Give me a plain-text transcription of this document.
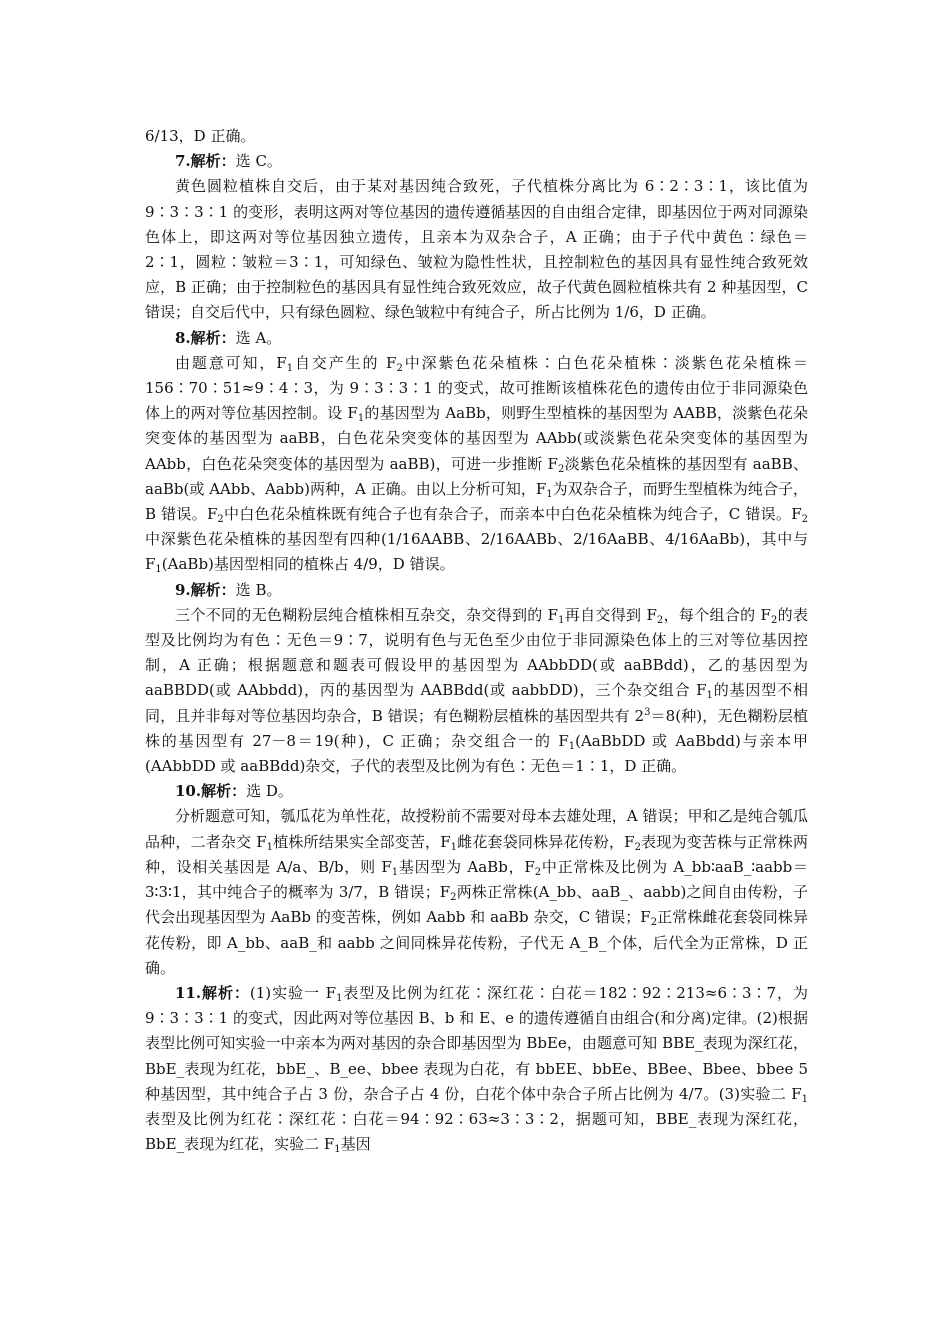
6/13，D 正确。

7.解析：选 C。

黄色圆粒植株自交后，由于某对基因纯合致死，子代植株分离比为 6∶2∶3∶1，该比值为 9∶3∶3∶1 的变形，表明这两对等位基因的遗传遵循基因的自由组合定律，即基因位于两对同源染色体上，即这两对等位基因独立遗传，且亲本为双杂合子，A 正确；由于子代中黄色∶绿色＝2∶1，圆粒∶皱粒＝3∶1，可知绿色、皱粒为隐性性状，且控制粒色的基因具有显性纯合致死效应，B 正确；由于控制粒色的基因具有显性纯合致死效应，故子代黄色圆粒植株共有 2 种基因型，C 错误；自交后代中，只有绿色圆粒、绿色皱粒中有纯合子，所占比例为 1/6，D 正确。

8.解析：选 A。

由题意可知，$F_1$自交产生的 $F_2$中深紫色花朵植株∶白色花朵植株∶淡紫色花朵植株＝156∶70∶51≈9∶4∶3，为 9∶3∶3∶1 的变式，故可推断该植株花色的遗传由位于非同源染色体上的两对等位基因控制。设 $F_1$的基因型为 AaBb，则野生型植株的基因型为 AABB，淡紫色花朵突变体的基因型为 aaBB，白色花朵突变体的基因型为 AAbb(或淡紫色花朵突变体的基因型为 AAbb，白色花朵突变体的基因型为 aaBB)，可进一步推断 $F_2$淡紫色花朵植株的基因型有 aaBB、aaBb(或 AAbb、Aabb)两种，A 正确。由以上分析可知，$F_1$为双杂合子，而野生型植株为纯合子，B 错误。$F_2$中白色花朵植株既有纯合子也有杂合子，而亲本中白色花朵植株为纯合子，C 错误。$F_2$中深紫色花朵植株的基因型有四种(1/16AABB、2/16AABb、2/16AaBB、4/16AaBb)，其中与 $F_1(AaBb)$基因型相同的植株占 4/9，D 错误。

9.解析：选 B。

三个不同的无色糊粉层纯合植株相互杂交，杂交得到的 $F_1$再自交得到 $F_2$，每个组合的 $F_2$的表型及比例均为有色∶无色＝9∶7，说明有色与无色至少由位于非同源染色体上的三对等位基因控制，A 正确；根据题意和题表可假设甲的基因型为 AAbbDD(或 aaBBdd)，乙的基因型为 aaBBDD(或 AAbbdd)，丙的基因型为 AABBdd(或 aabbDD)，三个杂交组合 $F_1$的基因型不相同，且并非每对等位基因均杂合，B 错误；有色糊粉层植株的基因型共有 $2^3=8$(种)，无色糊粉层植株的基因型有 27－8＝19(种)，C 正确；杂交组合一的 $F_1(AaBbDD$ 或 AaBbdd)与亲本甲(AAbbDD 或 aaBBdd)杂交，子代的表型及比例为有色∶无色＝1∶1，D 正确。

10.解析：选 D。

分析题意可知，瓠瓜花为单性花，故授粉前不需要对母本去雄处理，A 错误；甲和乙是纯合瓠瓜品种，二者杂交 $F_1$植株所结果实全部变苦，$F_1$雌花套袋同株异花传粉，$F_2$表现为变苦株与正常株两种，设相关基因是 A/a、B/b，则 $F_1$基因型为 AaBb，$F_2$中正常株及比例为 A_bb∶aaB_∶aabb＝3∶3∶1，其中纯合子的概率为 3/7，B 错误；$F_2$两株正常株(A_bb、aaB_、aabb)之间自由传粉，子代会出现基因型为 AaBb 的变苦株，例如 Aabb 和 aaBb 杂交，C 错误；$F_2$正常株雌花套袋同株异花传粉，即 A_bb、aaB_和 aabb 之间同株异花传粉，子代无 A_B_个体，后代全为正常株，D 正确。

11.解析：(1)实验一 $F_1$表型及比例为红花∶深红花∶白花＝182∶92∶213≈6∶3∶7，为 9∶3∶3∶1 的变式，因此两对等位基因 B、b 和 E、e 的遗传遵循自由组合(和分离)定律。(2)根据表型比例可知实验一中亲本为两对基因的杂合即基因型为 BbEe，由题意可知 BBE_表现为深红花，BbE_表现为红花，bbE_、B_ee、bbee 表现为白花，有 bbEE、bbEe、BBee、Bbee、bbee 5 种基因型，其中纯合子占 3 份，杂合子占 4 份，白花个体中杂合子所占比例为 4/7。(3)实验二 $F_1$表型及比例为红花∶深红花∶白花＝94∶92∶63≈3∶3∶2，据题可知，BBE_表现为深红花，BbE_表现为红花，实验二 $F_1$基因
